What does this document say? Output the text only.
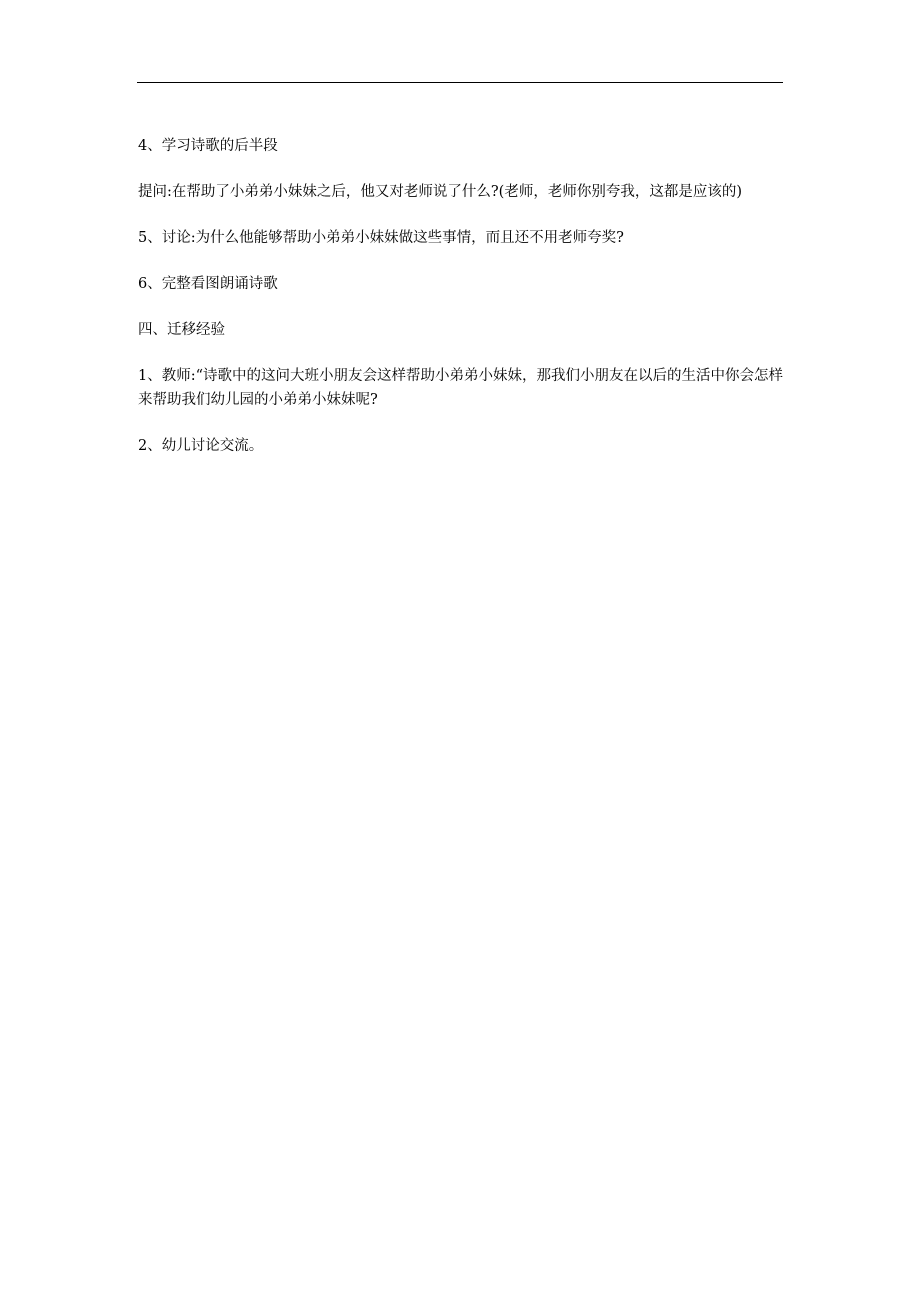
4、学习诗歌的后半段

提问:在帮助了小弟弟小妹妹之后，他又对老师说了什么?(老师，老师你别夸我，这都是应该的)

5、讨论:为什么他能够帮助小弟弟小妹妹做这些事情，而且还不用老师夸奖?

6、完整看图朗诵诗歌

四、迁移经验

1、教师:“诗歌中的这问大班小朋友会这样帮助小弟弟小妹妹，那我们小朋友在以后的生活中你会怎样来帮助我们幼儿园的小弟弟小妹妹呢?

2、幼儿讨论交流。
